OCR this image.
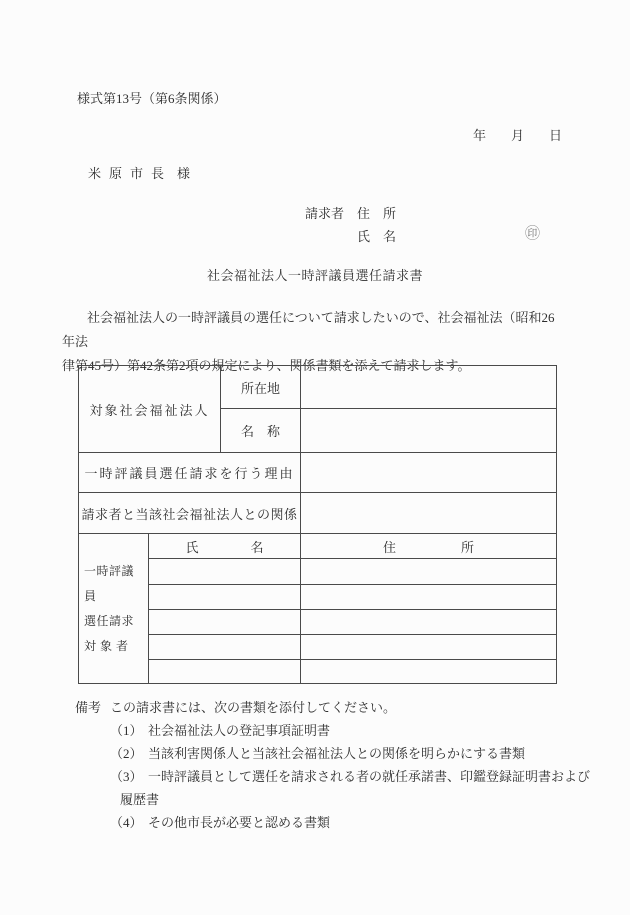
様式第13号（第6条関係）
年 月 日
米原市長 様
請求者 住　所
氏　名	㊞
社会福祉法人一時評議員選任請求書
社会福祉法人の一時評議員の選任について請求したいので、社会福祉法（昭和26年法
律第45号）第42条第2項の規定により、関係書類を添えて請求します。
対象社会福祉法人		所在地	
		名　称	
一時評議員選任請求を行う理由			
請求者と当該社会福祉法人との関係			

一時評議員
選任請求
対 象 者	氏　　　　名		住　　　　　所

備考 この請求書には、次の書類を添付してください。
（1） 社会福祉法人の登記事項証明書
（2） 当該利害関係人と当該社会福祉法人との関係を明らかにする書類
（3） 一時評議員として選任を請求される者の就任承諾書、印鑑登録証明書および
履歴書
（4） その他市長が必要と認める書類
